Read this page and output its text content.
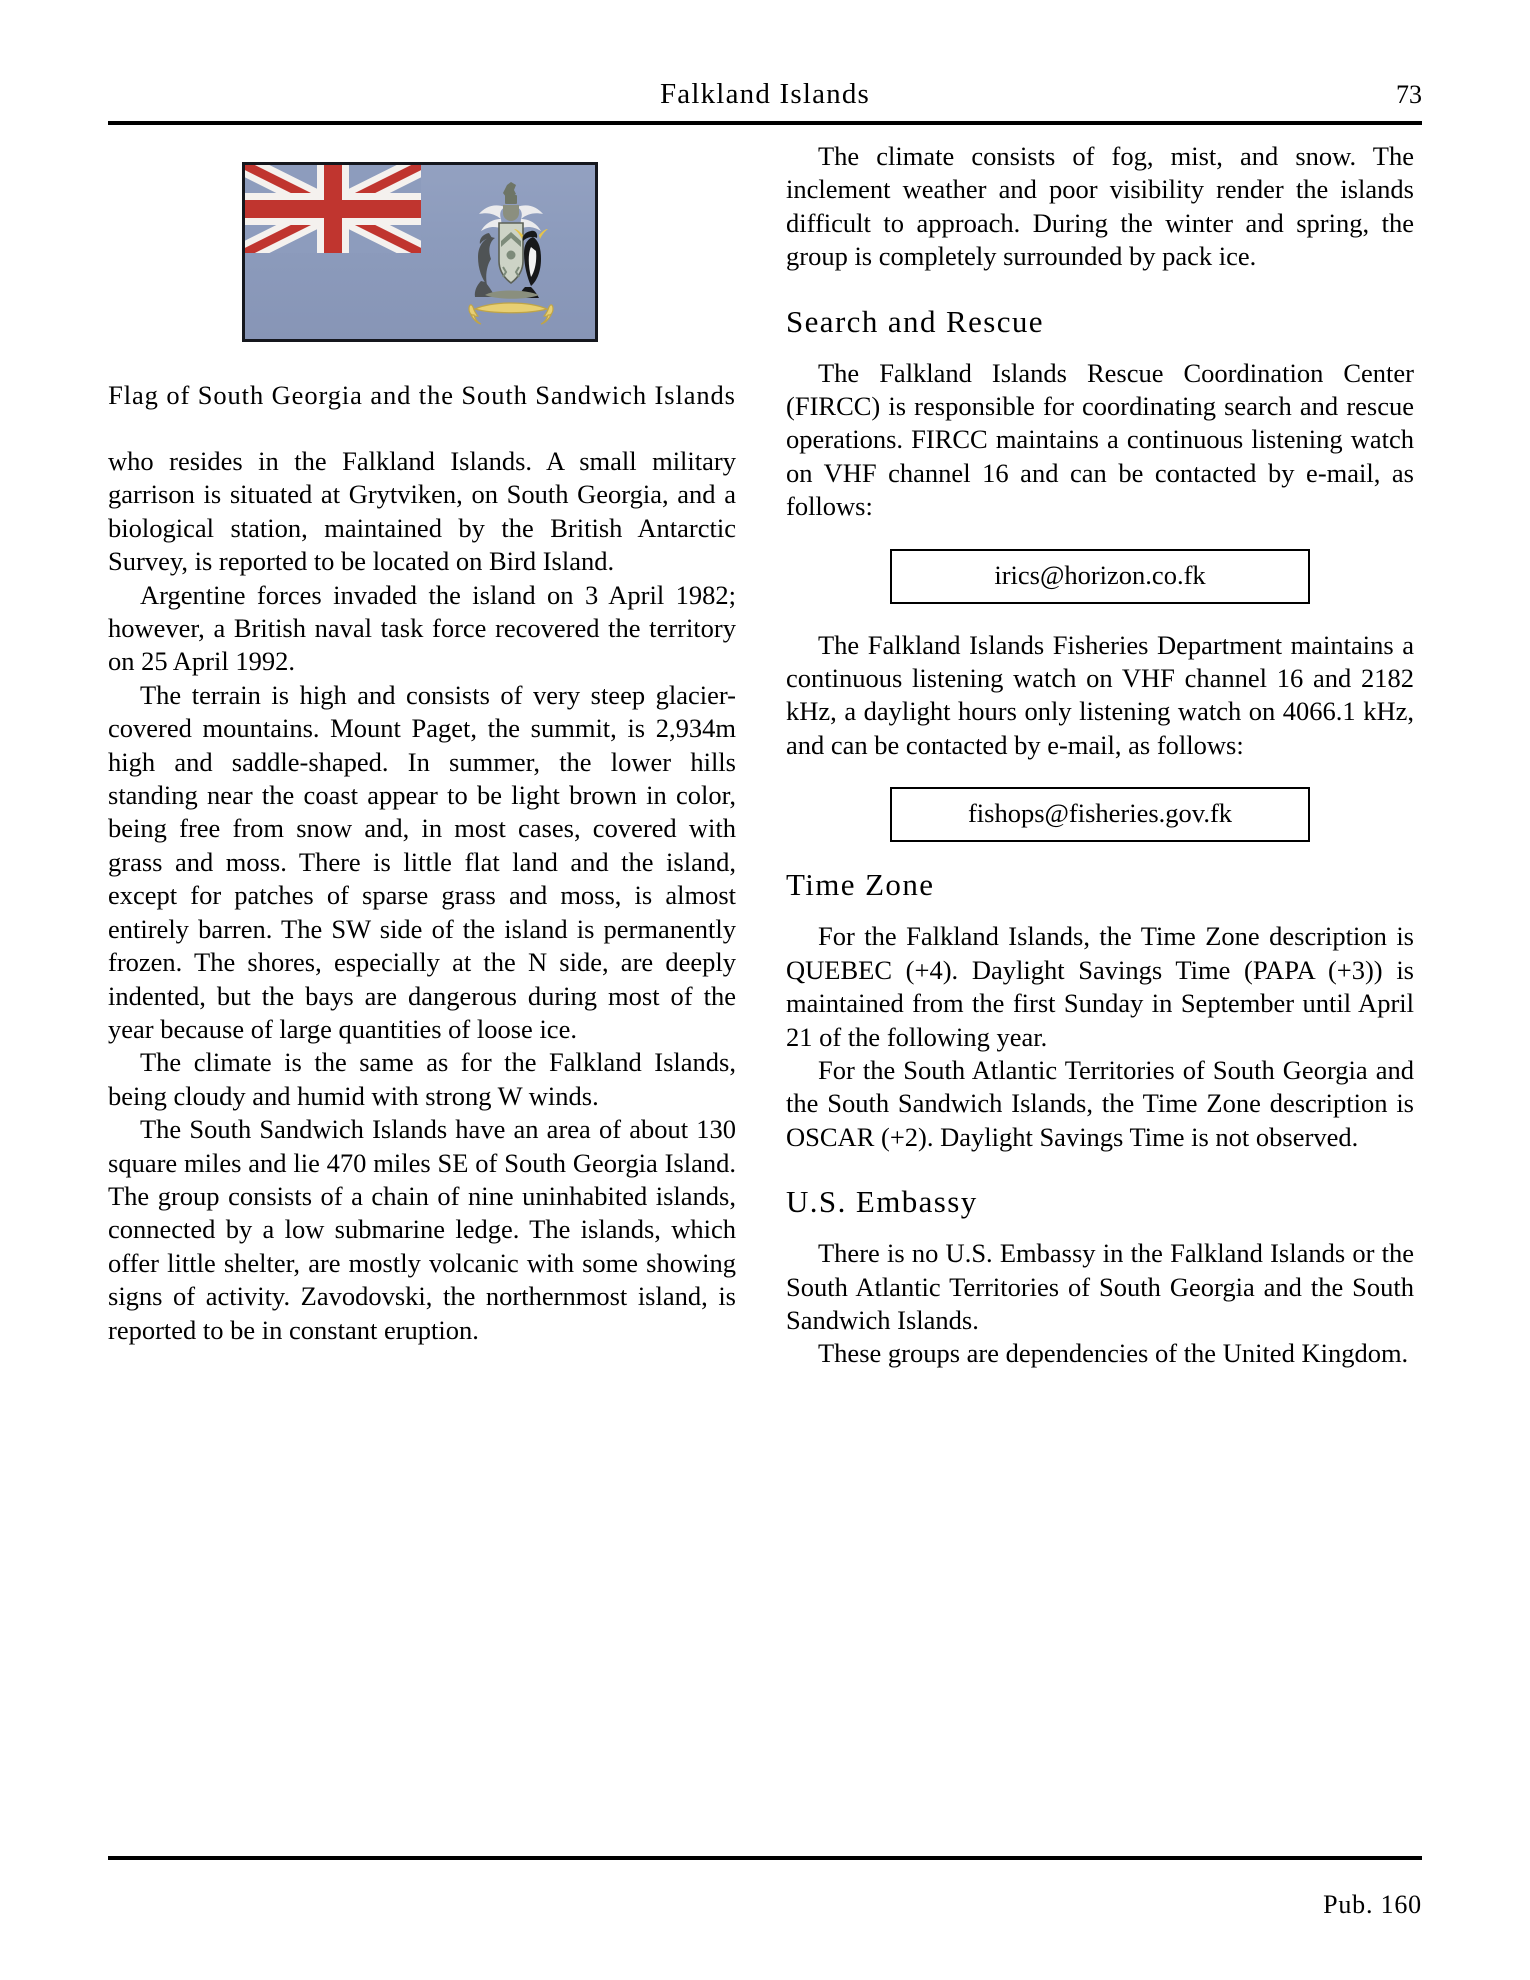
Falkland Islands	73
Flag of South Georgia and the South Sandwich Islands

who resides in the Falkland Islands. A small military garrison is situated at Grytviken, on South Georgia, and a biological station, maintained by the British Antarctic Survey, is reported to be located on Bird Island.

Argentine forces invaded the island on 3 April 1982; however, a British naval task force recovered the territory on 25 April 1992.

The terrain is high and consists of very steep glacier-covered mountains. Mount Paget, the summit, is 2,934m high and saddle-shaped. In summer, the lower hills standing near the coast appear to be light brown in color, being free from snow and, in most cases, covered with grass and moss. There is little flat land and the island, except for patches of sparse grass and moss, is almost entirely barren. The SW side of the island is permanently frozen. The shores, especially at the N side, are deeply indented, but the bays are dangerous during most of the year because of large quantities of loose ice.

The climate is the same as for the Falkland Islands, being cloudy and humid with strong W winds.

The South Sandwich Islands have an area of about 130 square miles and lie 470 miles SE of South Georgia Island. The group consists of a chain of nine uninhabited islands, connected by a low submarine ledge. The islands, which offer little shelter, are mostly volcanic with some showing signs of activity. Zavodovski, the northernmost island, is reported to be in constant eruption.

The climate consists of fog, mist, and snow. The inclement weather and poor visibility render the islands difficult to approach. During the winter and spring, the group is completely surrounded by pack ice.

Search and Rescue

The Falkland Islands Rescue Coordination Center (FIRCC) is responsible for coordinating search and rescue operations. FIRCC maintains a continuous listening watch on VHF channel 16 and can be contacted by e-mail, as follows:

irics@horizon.co.fk

The Falkland Islands Fisheries Department maintains a continuous listening watch on VHF channel 16 and 2182 kHz, a daylight hours only listening watch on 4066.1 kHz, and can be contacted by e-mail, as follows:

fishops@fisheries.gov.fk
Time Zone

For the Falkland Islands, the Time Zone description is QUEBEC (+4). Daylight Savings Time (PAPA (+3)) is maintained from the first Sunday in September until April 21 of the following year.

For the South Atlantic Territories of South Georgia and the South Sandwich Islands, the Time Zone description is OSCAR (+2). Daylight Savings Time is not observed.

U.S. Embassy

There is no U.S. Embassy in the Falkland Islands or the South Atlantic Territories of South Georgia and the South Sandwich Islands.

These groups are dependencies of the United Kingdom.

Pub. 160
